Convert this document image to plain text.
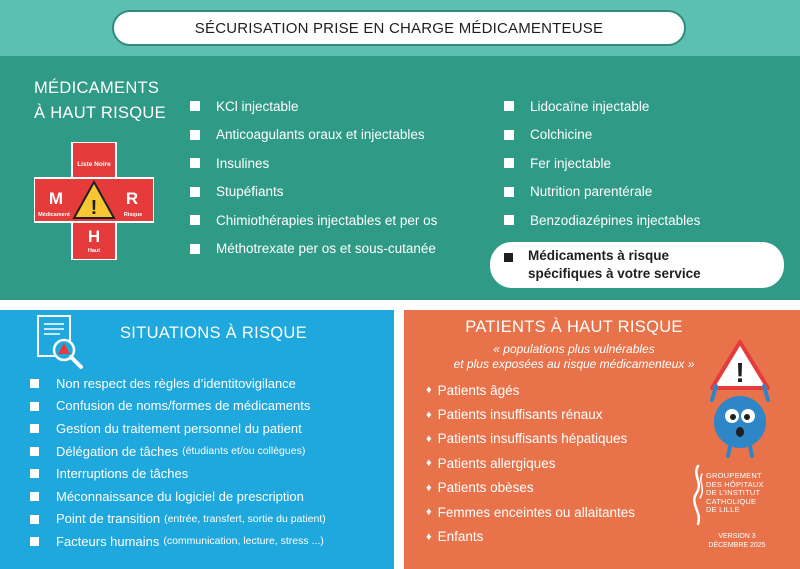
SÉCURISATION PRISE EN CHARGE MÉDICAMENTEUSE
MÉDICAMENTS
À HAUT RISQUE
Liste Noire
M	R
Médicament	Risque
!
H
Haut
KCl injectable
Anticoagulants oraux et injectables
Insulines
Stupéfiants
Chimiothérapies injectables et per os
Méthotrexate per os et sous-cutanée
Lidocaïne injectable
Colchicine
Fer injectable
Nutrition parentérale
Benzodiazépines injectables
Médicaments à risque
spécifiques à votre service
SITUATIONS À RISQUE
Non respect des règles d’identitovigilance
Confusion de noms/formes de médicaments
Gestion du traitement personnel du patient
Délégation de tâches (étudiants et/ou collègues)
Interruptions de tâches
Méconnaissance du logiciel de prescription
Point de transition (entrée, transfert, sortie du patient)
Facteurs humains (communication, lecture, stress ...)
PATIENTS À HAUT RISQUE
« populations plus vulnérables
et plus exposées au risque médicamenteux »
♦ Patients âgés
♦ Patients insuffisants rénaux
♦ Patients insuffisants hépatiques
♦ Patients allergiques
♦ Patients obèses
♦ Femmes enceintes ou allaitantes
♦ Enfants
!
GROUPEMENT
DES HÔPITAUX
DE L’INSTITUT
CATHOLIQUE
DE LILLE
VERSION 3
DÉCEMBRE 2025
